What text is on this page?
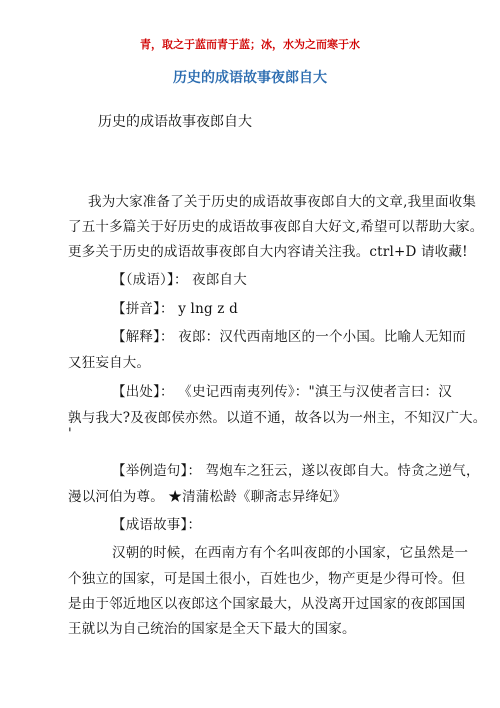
青，取之于蓝而青于蓝；冰，水为之而寒于水
历史的成语故事夜郎自大
历史的成语故事夜郎自大
我为大家准备了关于历史的成语故事夜郎自大的文章,我里面收集
了五十多篇关于好历史的成语故事夜郎自大好文,希望可以帮助大家。
更多关于历史的成语故事夜郎自大内容请关注我。ctrl+D 请收藏!
【（成语）】： 夜郎自大
【拼音】： y lng z d
【解释】： 夜郎：汉代西南地区的一个小国。比喻人无知而
又狂妄自大。
【出处】： 《史记西南夷列传》："滇王与汉使者言曰：汉
孰与我大?及夜郎侯亦然。以道不通，故各以为一州主，不知汉广大。
'
【举例造句】： 驾炮车之狂云，遂以夜郎自大。恃贪之逆气，
漫以河伯为尊。 ★清蒲松龄《聊斋志异绛妃》
【成语故事】：
汉朝的时候，在西南方有个名叫夜郎的小国家，它虽然是一
个独立的国家，可是国土很小，百姓也少，物产更是少得可怜。但
是由于邻近地区以夜郎这个国家最大，从没离开过国家的夜郎国国
王就以为自己统治的国家是全天下最大的国家。
